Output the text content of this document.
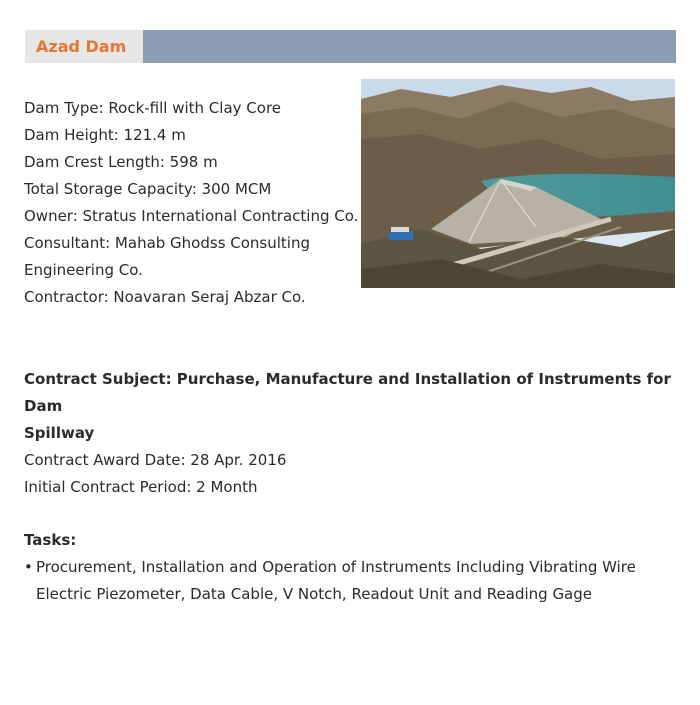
Azad Dam
Dam Type: Rock-fill with Clay Core
Dam Height: 121.4 m
Dam Crest Length: 598 m
Total Storage Capacity: 300 MCM
Owner: Stratus International Contracting Co.
Consultant: Mahab Ghodss Consulting
Engineering Co.
Contractor: Noavaran Seraj Abzar Co.
Contract Subject: Purchase, Manufacture and Installation of Instruments for Dam
Spillway
Contract Award Date: 28 Apr. 2016
Initial Contract Period: 2 Month
Tasks:
• Procurement, Installation and Operation of Instruments Including Vibrating Wire
Electric Piezometer, Data Cable, V Notch, Readout Unit and Reading Gage
